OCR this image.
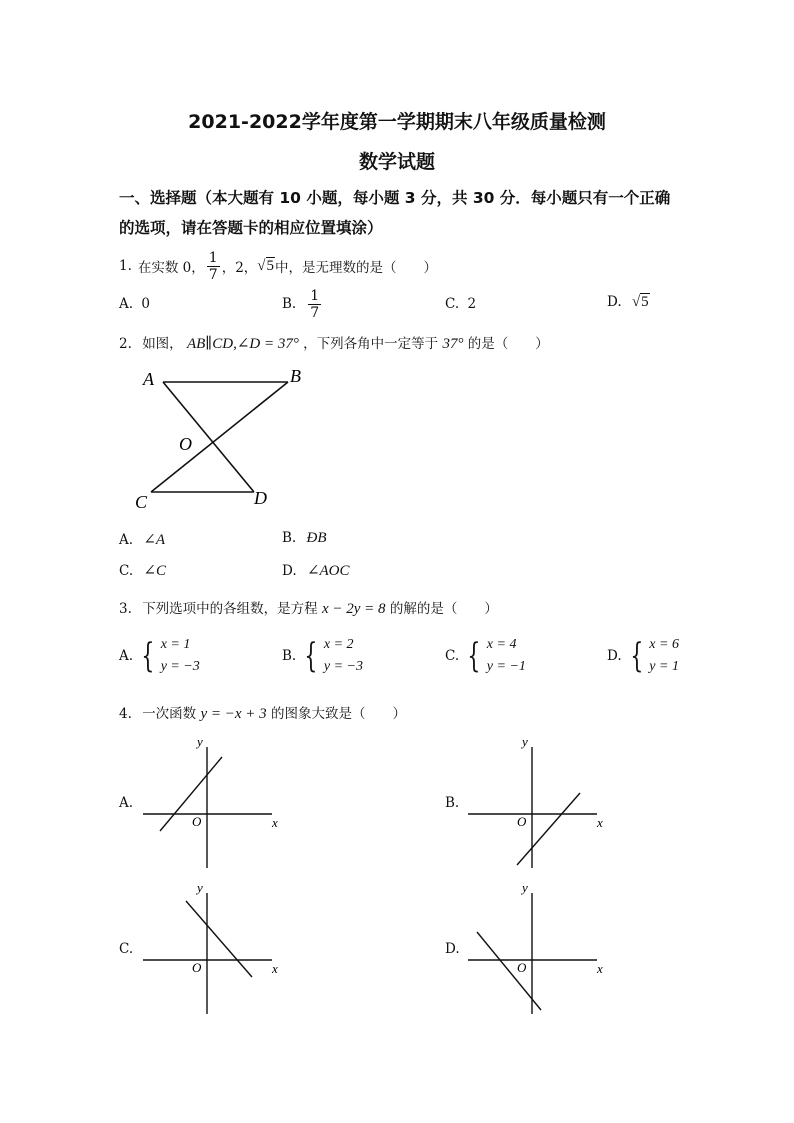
2021-2022学年度第一学期期末八年级质量检测
数学试题
一、选择题（本大题有 10 小题，每小题 3 分，共 30 分．每小题只有一个正确
的选项，请在答题卡的相应位置填涂）
1. 在实数 0， $\frac{1}{7}$ ，2， √5 中，是无理数的是（　　）
A. 0	B. $\frac{1}{7}$	C. 2	D. √5
2. 如图， AB∥CD,∠D = 37° ，下列各角中一定等于 37° 的是（　　）
A	B
O
C	D
A. ∠A	B. ÐB
C. ∠C	D. ∠AOC
3. 下列选项中的各组数，是方程 x − 2y = 8 的解的是（　　）
A. { x = 1
y = −3
B. { x = 2
y = −3
C. { x = 4
y = −1
D. { x = 6
y = 1
4. 一次函数 y = −x + 3 的图象大致是（　　）
A.
O	x
y
B.
O	x
y
C.
O	x
y
D.
O	x
y
